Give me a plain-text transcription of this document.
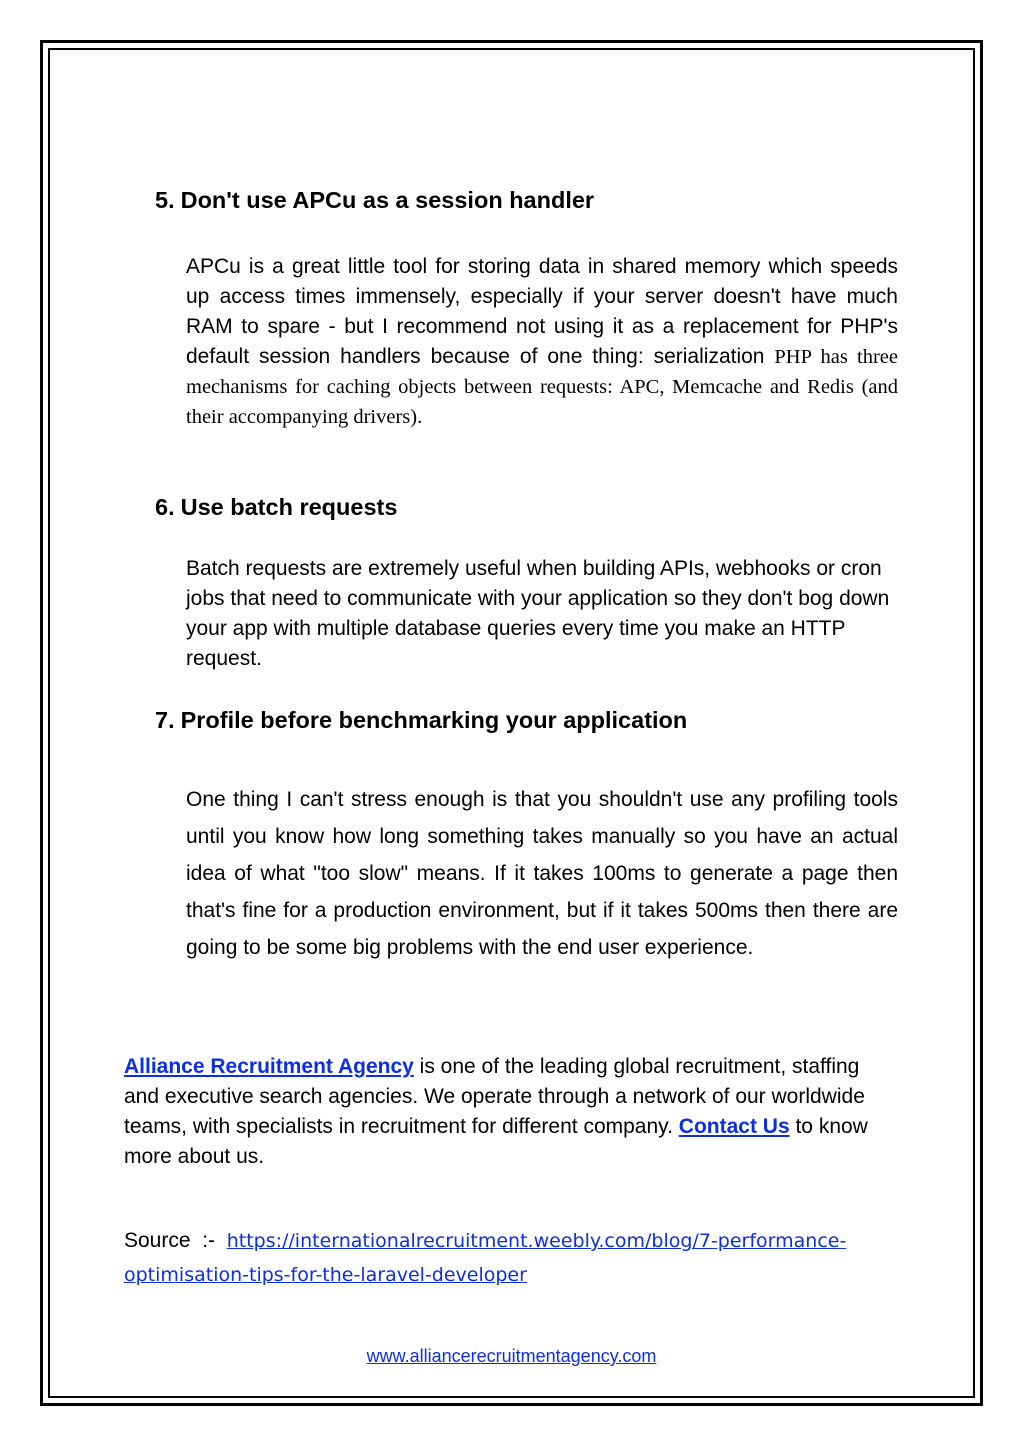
5. Don't use APCu as a session handler

APCu is a great little tool for storing data in shared memory which speeds up access times immensely, especially if your server doesn't have much RAM to spare - but I recommend not using it as a replacement for PHP's default session handlers because of one thing: serialization PHP has three mechanisms for caching objects between requests: APC, Memcache and Redis (and their accompanying drivers).

6. Use batch requests

Batch requests are extremely useful when building APIs, webhooks or cron jobs that need to communicate with your application so they don't bog down your app with multiple database queries every time you make an HTTP request.

7. Profile before benchmarking your application

One thing I can't stress enough is that you shouldn't use any profiling tools until you know how long something takes manually so you have an actual idea of what "too slow" means. If it takes 100ms to generate a page then that's fine for a production environment, but if it takes 500ms then there are going to be some big problems with the end user experience.

Alliance Recruitment Agency is one of the leading global recruitment, staffing and executive search agencies. We operate through a network of our worldwide teams, with specialists in recruitment for different company. Contact Us to know more about us.

Source  :-  https://internationalrecruitment.weebly.com/blog/7-performance-optimisation-tips-for-the-laravel-developer

www.alliancerecruitmentagency.com
